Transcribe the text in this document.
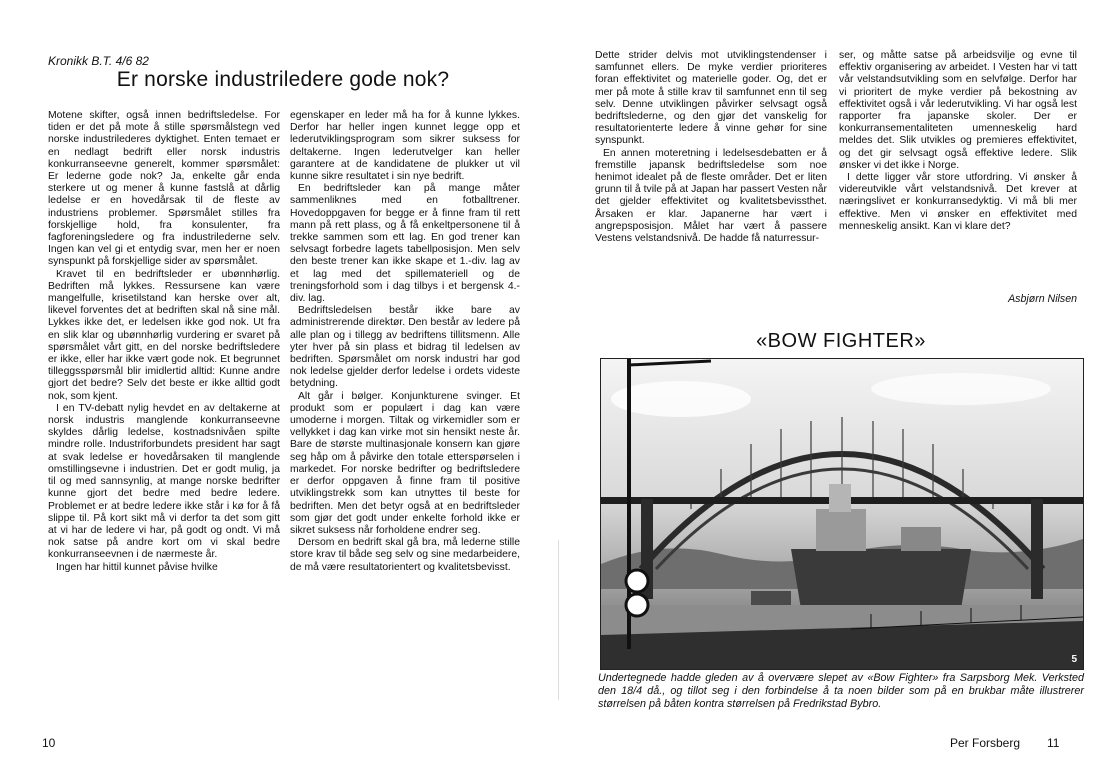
Kronikk B.T. 4/6 82
Er norske industriledere gode nok?

Motene skifter, også innen bedriftsledelse. For tiden er det på mote å stille spørsmålstegn ved norske industrilederes dyktighet. Enten temaet er en nedlagt bedrift eller norsk industris konkurranseevne generelt, kommer spørsmålet: Er lederne gode nok? Ja, enkelte går enda sterkere ut og mener å kunne fastslå at dårlig ledelse er en hovedårsak til de fleste av industriens problemer. Spørsmålet stilles fra forskjellige hold, fra konsulenter, fra fagforeningsledere og fra industrilederne selv. Ingen kan vel gi et entydig svar, men her er noen synspunkt på forskjellige sider av spørsmålet.

Kravet til en bedriftsleder er ubønnhørlig. Bedriften må lykkes. Ressursene kan være mangelfulle, krisetilstand kan herske over alt, likevel forventes det at bedriften skal nå sine mål. Lykkes ikke det, er ledelsen ikke god nok. Ut fra en slik klar og ubønnhørlig vurdering er svaret på spørsmålet vårt gitt, en del norske bedriftsledere er ikke, eller har ikke vært gode nok. Et begrunnet tilleggsspørsmål blir imidlertid alltid: Kunne andre gjort det bedre? Selv det beste er ikke alltid godt nok, som kjent.

I en TV-debatt nylig hevdet en av deltakerne at norsk industris manglende konkurranseevne skyldes dårlig ledelse, kostnadsnivåen spilte mindre rolle. Industriforbundets president har sagt at svak ledelse er hovedårsaken til manglende omstillingsevne i industrien. Det er godt mulig, ja til og med sannsynlig, at mange norske bedrifter kunne gjort det bedre med bedre ledere. Problemet er at bedre ledere ikke står i kø for å få slippe til. På kort sikt må vi derfor ta det som gitt at vi har de ledere vi har, på godt og ondt. Vi må nok satse på andre kort om vi skal bedre konkurranseevnen i de nærmeste år.

Ingen har hittil kunnet påvise hvilke

egenskaper en leder må ha for å kunne lykkes. Derfor har heller ingen kunnet legge opp et lederutviklingsprogram som sikrer suksess for deltakerne. Ingen lederutvelger kan heller garantere at de kandidatene de plukker ut vil kunne sikre resultatet i sin nye bedrift.

En bedriftsleder kan på mange måter sammenliknes med en fotballtrener. Hovedoppgaven for begge er å finne fram til rett mann på rett plass, og å få enkeltpersonene til å trekke sammen som ett lag. En god trener kan selvsagt forbedre lagets tabellposisjon. Men selv den beste trener kan ikke skape et 1.-div. lag av et lag med det spillemateriell og de treningsforhold som i dag tilbys i et bergensk 4.-div. lag.

Bedriftsledelsen består ikke bare av administrerende direktør. Den består av ledere på alle plan og i tillegg av bedriftens tillitsmenn. Alle yter hver på sin plass et bidrag til ledelsen av bedriften. Spørsmålet om norsk industri har god nok ledelse gjelder derfor ledelse i ordets videste betydning.

Alt går i bølger. Konjunkturene svinger. Et produkt som er populært i dag kan være umoderne i morgen. Tiltak og virkemidler som er vellykket i dag kan virke mot sin hensikt neste år. Bare de største multinasjonale konsern kan gjøre seg håp om å påvirke den totale etterspørselen i markedet. For norske bedrifter og bedriftsledere er derfor oppgaven å finne fram til positive utviklingstrekk som kan utnyttes til beste for bedriften. Men det betyr også at en bedriftsleder som gjør det godt under enkelte forhold ikke er sikret suksess når forholdene endrer seg.

Dersom en bedrift skal gå bra, må lederne stille store krav til både seg selv og sine medarbeidere, de må være resultatorientert og kvalitetsbevisst.

10

Dette strider delvis mot utviklingstendenser i samfunnet ellers. De myke verdier prioriteres foran effektivitet og materielle goder. Og, det er mer på mote å stille krav til samfunnet enn til seg selv. Denne utviklingen påvirker selvsagt også bedriftslederne, og den gjør det vanskelig for resultatorienterte ledere å vinne gehør for sine synspunkt.

En annen moteretning i ledelsesdebatten er å fremstille japansk bedriftsledelse som noe henimot idealet på de fleste områder. Det er liten grunn til å tvile på at Japan har passert Vesten når det gjelder effektivitet og kvalitetsbevissthet. Årsaken er klar. Japanerne har vært i angrepsposisjon. Målet har vært å passere Vestens velstandsnivå. De hadde få naturressur-

ser, og måtte satse på arbeidsvilje og evne til effektiv organisering av arbeidet. I Vesten har vi tatt vår velstandsutvikling som en selvfølge. Derfor har vi prioritert de myke verdier på bekostning av effektivitet også i vår lederutvikling. Vi har også lest rapporter fra japanske skoler. Der er konkurransementaliteten umenneskelig hard meldes det. Slik utvikles og premieres effektivitet, og det gir selvsagt også effektive ledere. Slik ønsker vi det ikke i Norge.

I dette ligger vår store utfordring. Vi ønsker å videreutvikle vårt velstandsnivå. Det krever at næringslivet er konkurransedyktig. Vi må bli mer effektive. Men vi ønsker en effektivitet med menneskelig ansikt. Kan vi klare det?

Asbjørn Nilsen
«BOW FIGHTER»
5

Undertegnede hadde gleden av å overvære slepet av «Bow Fighter» fra Sarpsborg Mek. Verksted den 18/4 då., og tillot seg i den forbindelse å ta noen bilder som på en brukbar måte illustrerer størrelsen på båten kontra størrelsen på Fredrikstad Bybro.

Per Forsberg 11
